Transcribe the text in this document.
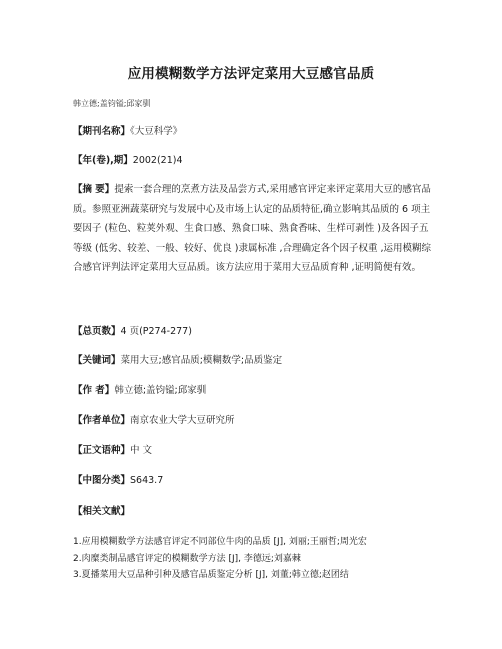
应用模糊数学方法评定菜用大豆感官品质
韩立德;盖钧镒;邱家驯
【期刊名称】《大豆科学》
【年(卷),期】2002(21)4
【摘 要】提索一套合理的烹煮方法及品尝方式,采用感官评定来评定菜用大豆的感官品质。参照亚洲蔬菜研究与发展中心及市场上认定的品质特征,确立影响其品质的 6 项主要因子 (粒色、粒荚外观、生食口感、熟食口味、熟食香味、生样可剥性 )及各因子五等级 (低劣、较差、一般、较好、优良 )隶属标准 ,合理确定各个因子权重 ,运用模糊综合感官评判法评定菜用大豆品质。该方法应用于菜用大豆品质育种 ,证明简便有效。
【总页数】4 页(P274-277)
【关键词】菜用大豆;感官品质;模糊数学;品质鉴定
【作 者】韩立德;盖钧镒;邱家驯
【作者单位】南京农业大学大豆研究所
【正文语种】中 文
【中图分类】S643.7
【相关文献】
1.应用模糊数学方法感官评定不同部位牛肉的品质 [J], 刘丽;王丽哲;周光宏
2.肉糜类制品感官评定的模糊数学方法 [J], 李德远;刘嘉棘
3.夏播菜用大豆品种引种及感官品质鉴定分析 [J], 刘董;韩立德;赵团结
